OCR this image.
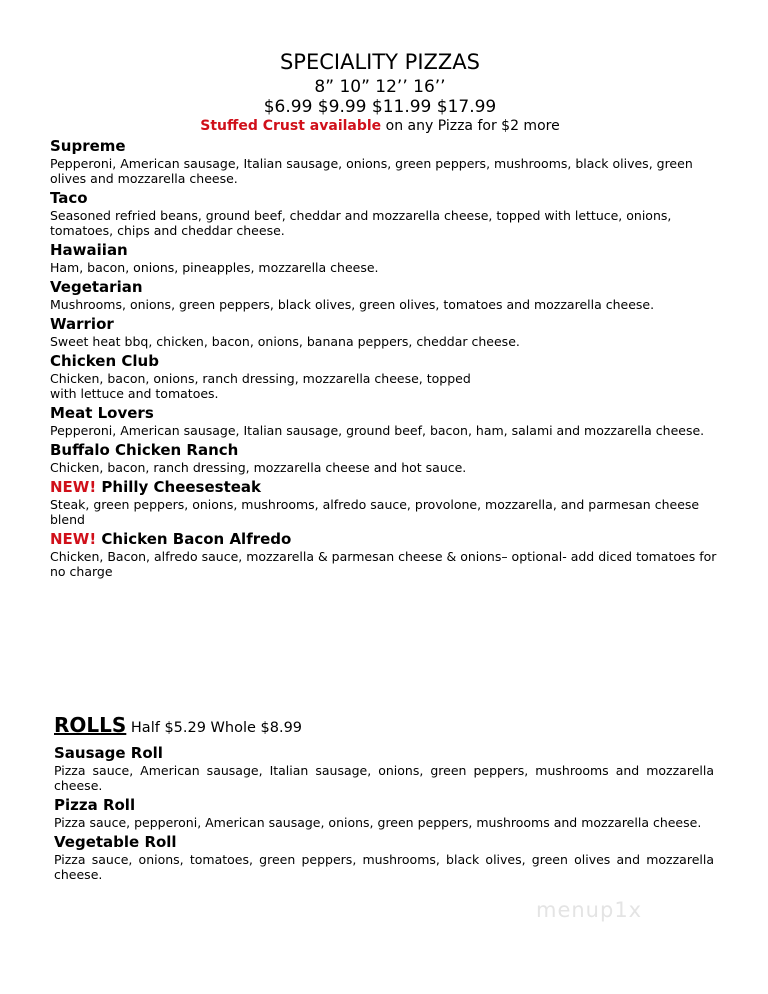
SPECIALITY PIZZAS
8” 10” 12’’ 16’’
$6.99 $9.99 $11.99 $17.99
Stuffed Crust available on any Pizza for $2 more
Supreme
Pepperoni, American sausage, Italian sausage, onions, green peppers, mushrooms, black olives, green olives and mozzarella cheese.
Taco
Seasoned refried beans, ground beef, cheddar and mozzarella cheese, topped with lettuce, onions, tomatoes, chips and cheddar cheese.
Hawaiian
Ham, bacon, onions, pineapples, mozzarella cheese.
Vegetarian
Mushrooms, onions, green peppers, black olives, green olives, tomatoes and mozzarella cheese.
Warrior
Sweet heat bbq, chicken, bacon, onions, banana peppers, cheddar cheese.
Chicken Club
Chicken, bacon, onions, ranch dressing, mozzarella cheese, topped
with lettuce and tomatoes.
Meat Lovers
Pepperoni, American sausage, Italian sausage, ground beef, bacon, ham, salami and mozzarella cheese.
Buffalo Chicken Ranch
Chicken, bacon, ranch dressing, mozzarella cheese and hot sauce.
NEW! Philly Cheesesteak
Steak, green peppers, onions, mushrooms, alfredo sauce, provolone, mozzarella, and parmesan cheese blend
NEW! Chicken Bacon Alfredo
Chicken, Bacon, alfredo sauce, mozzarella & parmesan cheese & onions– optional- add diced tomatoes for no charge
ROLLS Half $5.29 Whole $8.99
Sausage Roll
Pizza sauce, American sausage, Italian sausage, onions, green peppers, mushrooms and mozzarella cheese.
Pizza Roll
Pizza sauce, pepperoni, American sausage, onions, green peppers, mushrooms and mozzarella cheese.
Vegetable Roll
Pizza sauce, onions, tomatoes, green peppers, mushrooms, black olives, green olives and mozzarella cheese.
menup1x
